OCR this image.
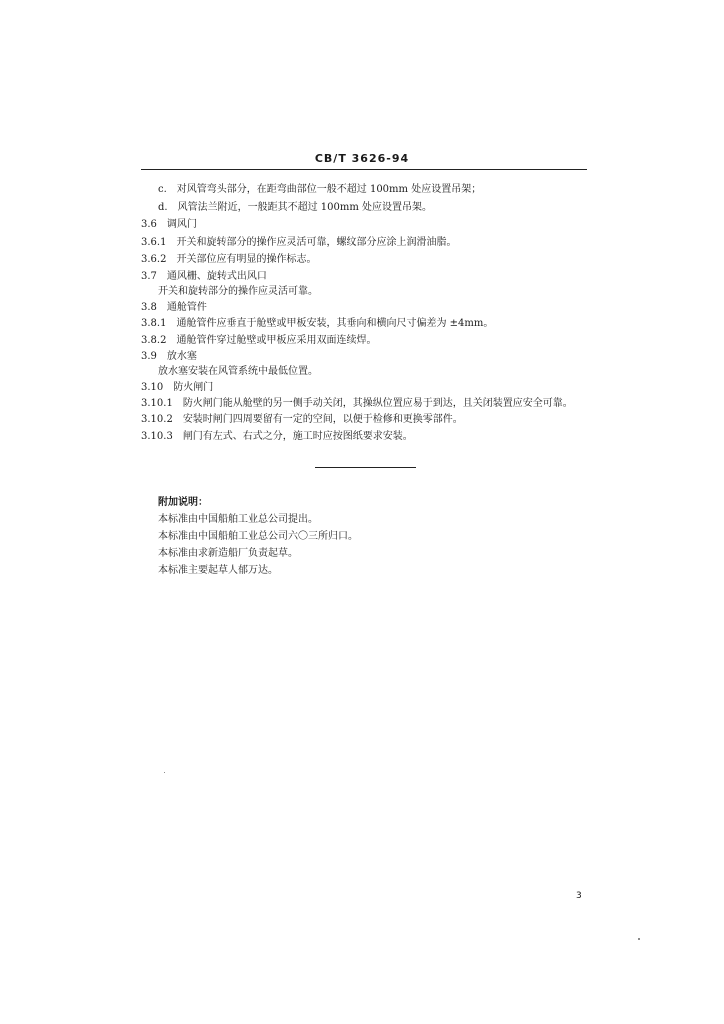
CB/T 3626-94
c. 对风管弯头部分，在距弯曲部位一般不超过 100mm 处应设置吊架；
d. 风管法兰附近，一般距其不超过 100mm 处应设置吊架。
3.6 调风门
3.6.1 开关和旋转部分的操作应灵活可靠，螺纹部分应涂上润滑油脂。
3.6.2 开关部位应有明显的操作标志。
3.7 通风栅、旋转式出风口
开关和旋转部分的操作应灵活可靠。
3.8 通舱管件
3.8.1 通舱管件应垂直于舱壁或甲板安装，其垂向和横向尺寸偏差为 ±4mm。
3.8.2 通舱管件穿过舱壁或甲板应采用双面连续焊。
3.9 放水塞
放水塞安装在风管系统中最低位置。
3.10 防火闸门
3.10.1 防火闸门能从舱壁的另一侧手动关闭，其操纵位置应易于到达，且关闭装置应安全可靠。
3.10.2 安装时闸门四周要留有一定的空间，以便于检修和更换零部件。
3.10.3 闸门有左式、右式之分，施工时应按图纸要求安装。
附加说明：
本标准由中国船舶工业总公司提出。
本标准由中国船舶工业总公司六〇三所归口。
本标准由求新造船厂负责起草。
本标准主要起草人郁万达。
3
